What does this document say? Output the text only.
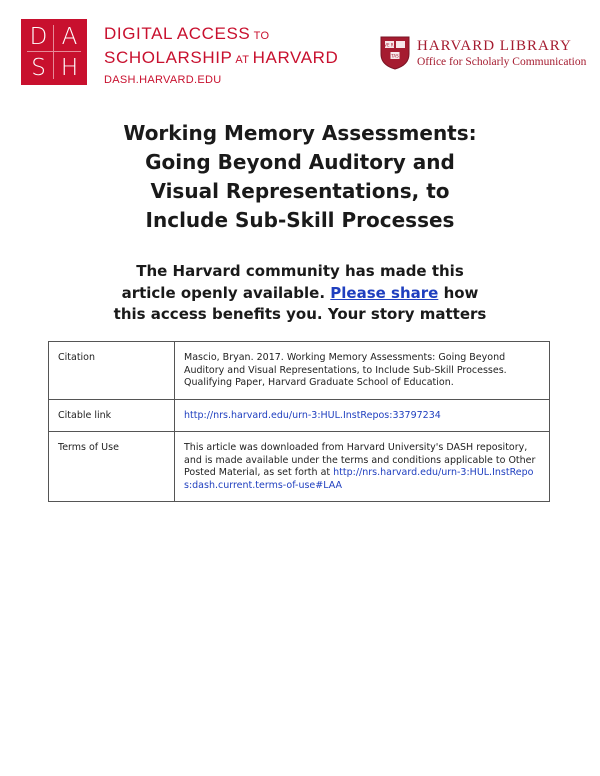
D A
S H
DIGITAL ACCESS TO
SCHOLARSHIP AT HARVARD
DASH.HARVARD.EDU
VE RI
TAS
HARVARD LIBRARY
Office for Scholarly Communication
Working Memory Assessments:
Going Beyond Auditory and
Visual Representations, to
Include Sub-Skill Processes
The Harvard community has made this
article openly available. Please share how
this access benefits you. Your story matters
Citation	Mascio, Bryan. 2017. Working Memory Assessments: Going Beyond Auditory and Visual Representations, to Include Sub-Skill Processes. Qualifying Paper, Harvard Graduate School of Education.
Citable link	http://nrs.harvard.edu/urn-3:HUL.InstRepos:33797234
Terms of Use	This article was downloaded from Harvard University's DASH repository, and is made available under the terms and conditions applicable to Other Posted Material, as set forth at http://nrs.harvard.edu/urn-3:HUL.InstRepos:dash.current.terms-of-use#LAA
